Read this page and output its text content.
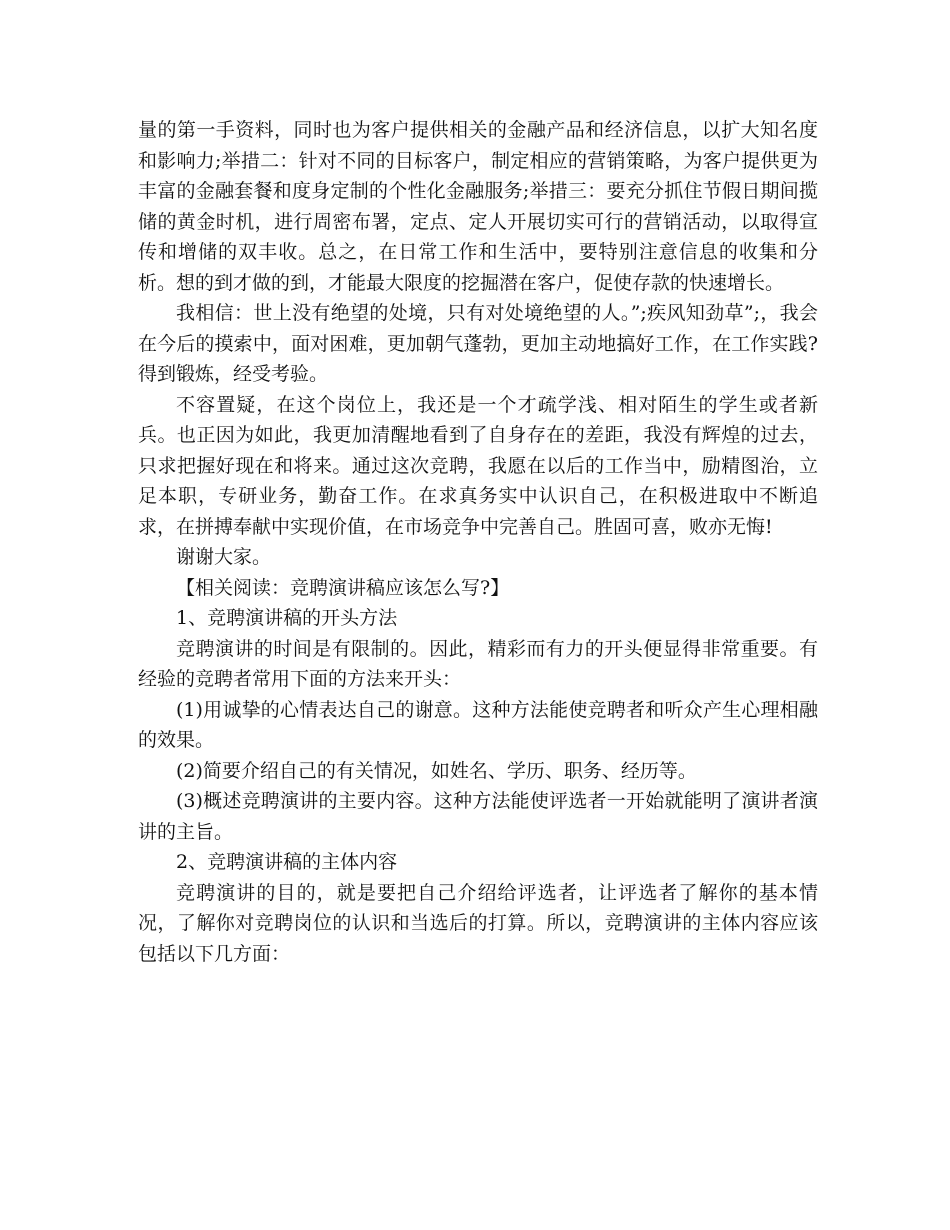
量的第一手资料，同时也为客户提供相关的金融产品和经济信息，以扩大知名度和影响力;举措二：针对不同的目标客户，制定相应的营销策略，为客户提供更为丰富的金融套餐和度身定制的个性化金融服务;举措三：要充分抓住节假日期间揽储的黄金时机，进行周密布署，定点、定人开展切实可行的营销活动，以取得宣传和增储的双丰收。总之，在日常工作和生活中，要特别注意信息的收集和分析。想的到才做的到，才能最大限度的挖掘潜在客户，促使存款的快速增长。

我相信：世上没有绝望的处境，只有对处境绝望的人。”;疾风知劲草”;，我会在今后的摸索中，面对困难，更加朝气蓬勃，更加主动地搞好工作，在工作实践?得到锻炼，经受考验。

不容置疑，在这个岗位上，我还是一个才疏学浅、相对陌生的学生或者新兵。也正因为如此，我更加清醒地看到了自身存在的差距，我没有辉煌的过去，只求把握好现在和将来。通过这次竞聘，我愿在以后的工作当中，励精图治，立足本职，专研业务，勤奋工作。在求真务实中认识自己，在积极进取中不断追求，在拼搏奉献中实现价值，在市场竞争中完善自己。胜固可喜，败亦无悔!

谢谢大家。

【相关阅读：竞聘演讲稿应该怎么写?】

1、竞聘演讲稿的开头方法

竞聘演讲的时间是有限制的。因此，精彩而有力的开头便显得非常重要。有经验的竞聘者常用下面的方法来开头：

(1)用诚挚的心情表达自己的谢意。这种方法能使竞聘者和听众产生心理相融的效果。

(2)简要介绍自己的有关情况，如姓名、学历、职务、经历等。

(3)概述竞聘演讲的主要内容。这种方法能使评选者一开始就能明了演讲者演讲的主旨。

2、竞聘演讲稿的主体内容

竞聘演讲的目的，就是要把自己介绍给评选者，让评选者了解你的基本情况，了解你对竞聘岗位的认识和当选后的打算。所以，竞聘演讲的主体内容应该包括以下几方面：
